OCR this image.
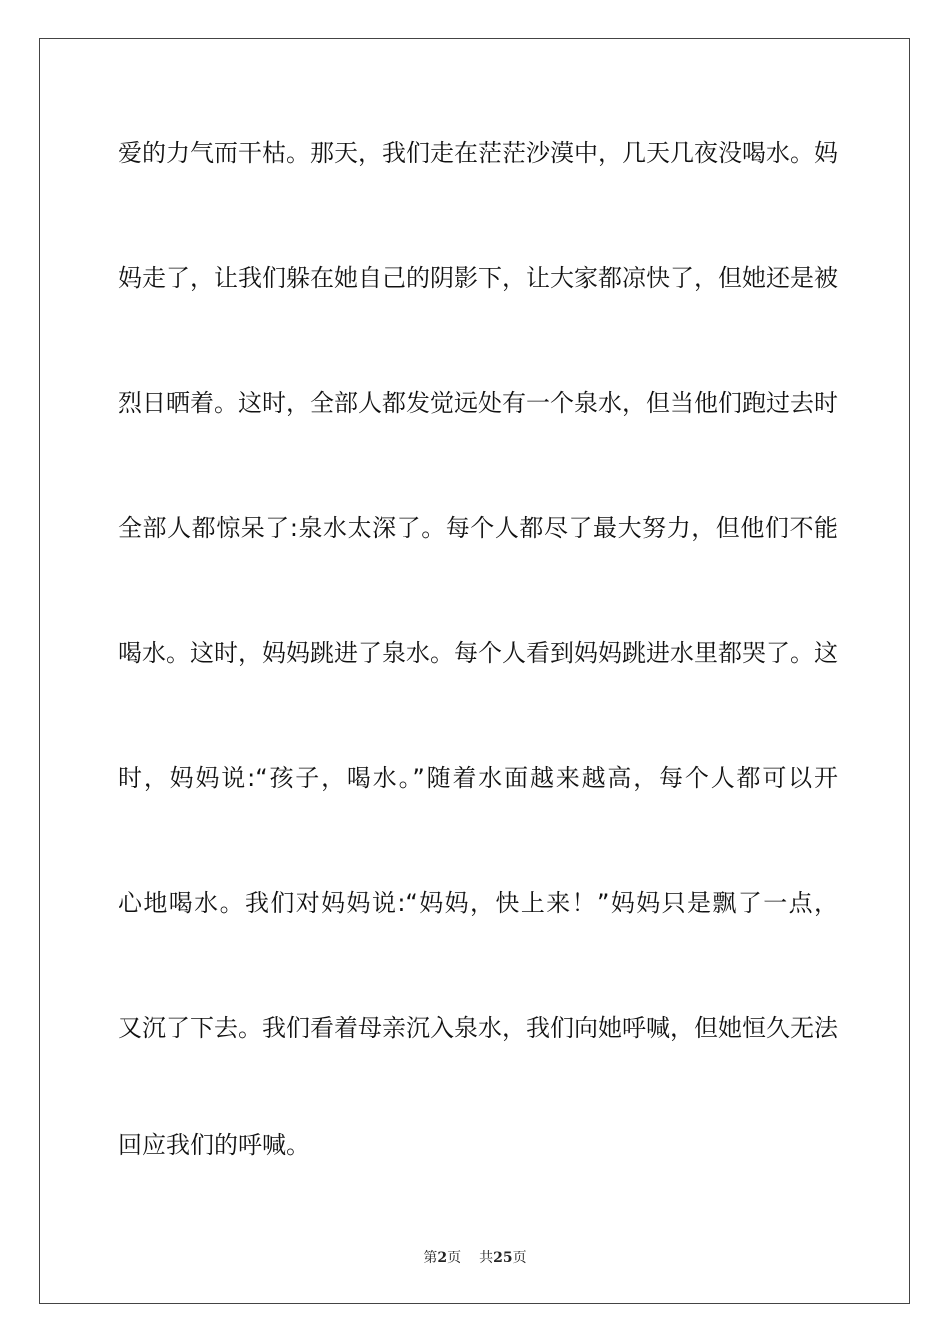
爱的力气而干枯。那天，我们走在茫茫沙漠中，几天几夜没喝水。妈
妈走了，让我们躲在她自己的阴影下，让大家都凉快了，但她还是被
烈日晒着。这时，全部人都发觉远处有一个泉水，但当他们跑过去时
全部人都惊呆了:泉水太深了。每个人都尽了最大努力，但他们不能
喝水。这时，妈妈跳进了泉水。每个人看到妈妈跳进水里都哭了。这
时，妈妈说:“孩子，喝水。”随着水面越来越高，每个人都可以开
心地喝水。我们对妈妈说:“妈妈，快上来！”妈妈只是飘了一点，
又沉了下去。我们看着母亲沉入泉水，我们向她呼喊，但她恒久无法
回应我们的呼喊。
第2页 共25页
